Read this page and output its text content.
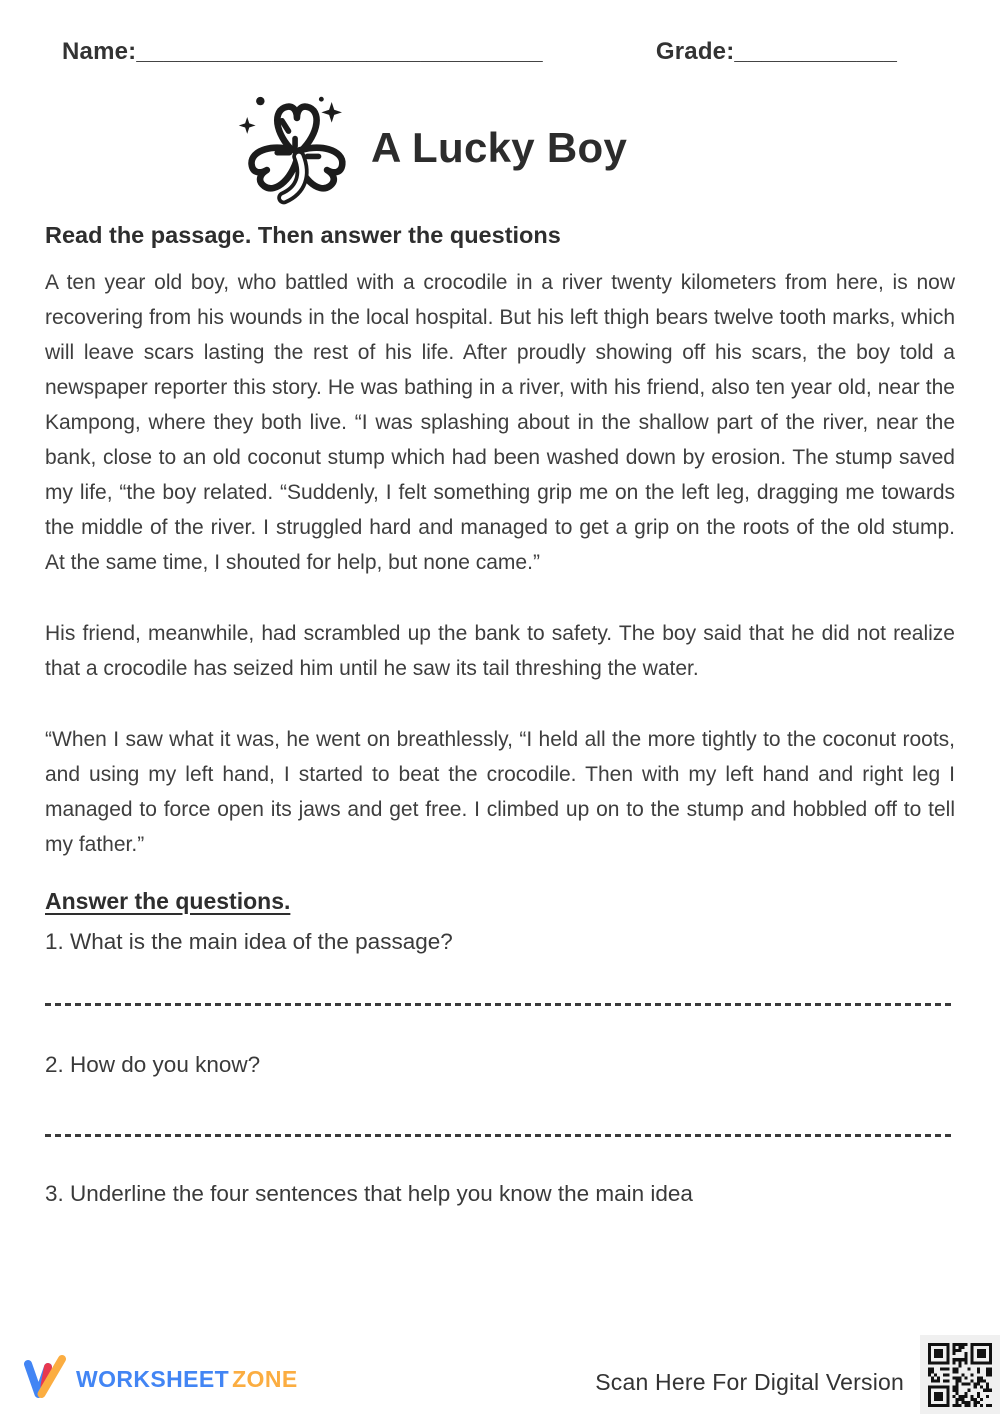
Name:______________________________	Grade:____________
A Lucky Boy
Read the passage. Then answer the questions

A ten year old boy, who battled with a crocodile in a river twenty kilometers from here, is now recovering from his wounds in the local hospital. But his left thigh bears twelve tooth marks, which will leave scars lasting the rest of his life. After proudly showing off his scars, the boy told a newspaper reporter this story. He was bathing in a river, with his friend, also ten year old, near the Kampong, where they both live. “I was splashing about in the shallow part of the river, near the bank, close to an old coconut stump which had been washed down by erosion. The stump saved my life, “the boy related. “Suddenly, I felt something grip me on the left leg, dragging me towards the middle of the river. I struggled hard and managed to get a grip on the roots of the old stump. At the same time, I shouted for help, but none came.”

His friend, meanwhile, had scrambled up the bank to safety. The boy said that he did not realize that a crocodile has seized him until he saw its tail threshing the water.

“When I saw what it was, he went on breathlessly, “I held all the more tightly to the coconut roots, and using my left hand, I started to beat the crocodile. Then with my left hand and right leg I managed to force open its jaws and get free. I climbed up on to the stump and hobbled off to tell my father.”

Answer the questions.
1. What is the main idea of the passage?
2. How do you know?
3. Underline the four sentences that help you know the main idea
WORKSHEET ZONE	Scan Here For Digital Version
